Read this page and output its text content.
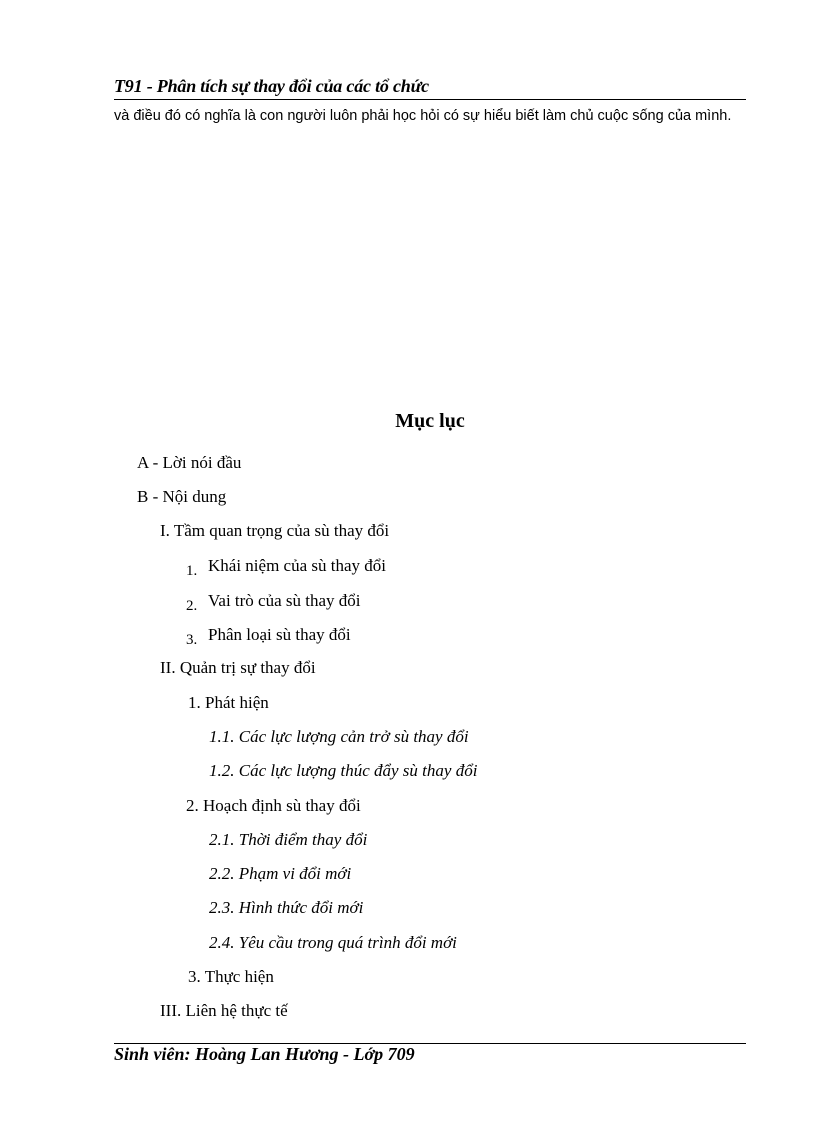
T91 - Phân tích sự thay đổi của các tổ chức
và điều đó có nghĩa là con người luôn phải học hỏi có sự hiểu biết làm chủ cuộc sống của mình.
Mục lục
A - Lời nói đầu
B - Nội dung
I. Tầm quan trọng của sù thay đổi
1. Khái niệm của sù thay đổi
2. Vai trò của sù thay đổi
3. Phân loại sù thay đổi
II. Quản trị sự thay đổi
1. Phát hiện
1.1. Các lực lượng cản trở sù thay đổi
1.2. Các lực lượng thúc đẩy sù thay đổi
2. Hoạch định sù thay đổi
2.1. Thời điểm thay đổi
2.2. Phạm vi đổi mới
2.3. Hình thức đổi mới
2.4. Yêu cầu trong quá trình đổi mới
3. Thực hiện
III. Liên hệ thực tế
Sinh viên: Hoàng Lan Hương - Lớp 709
